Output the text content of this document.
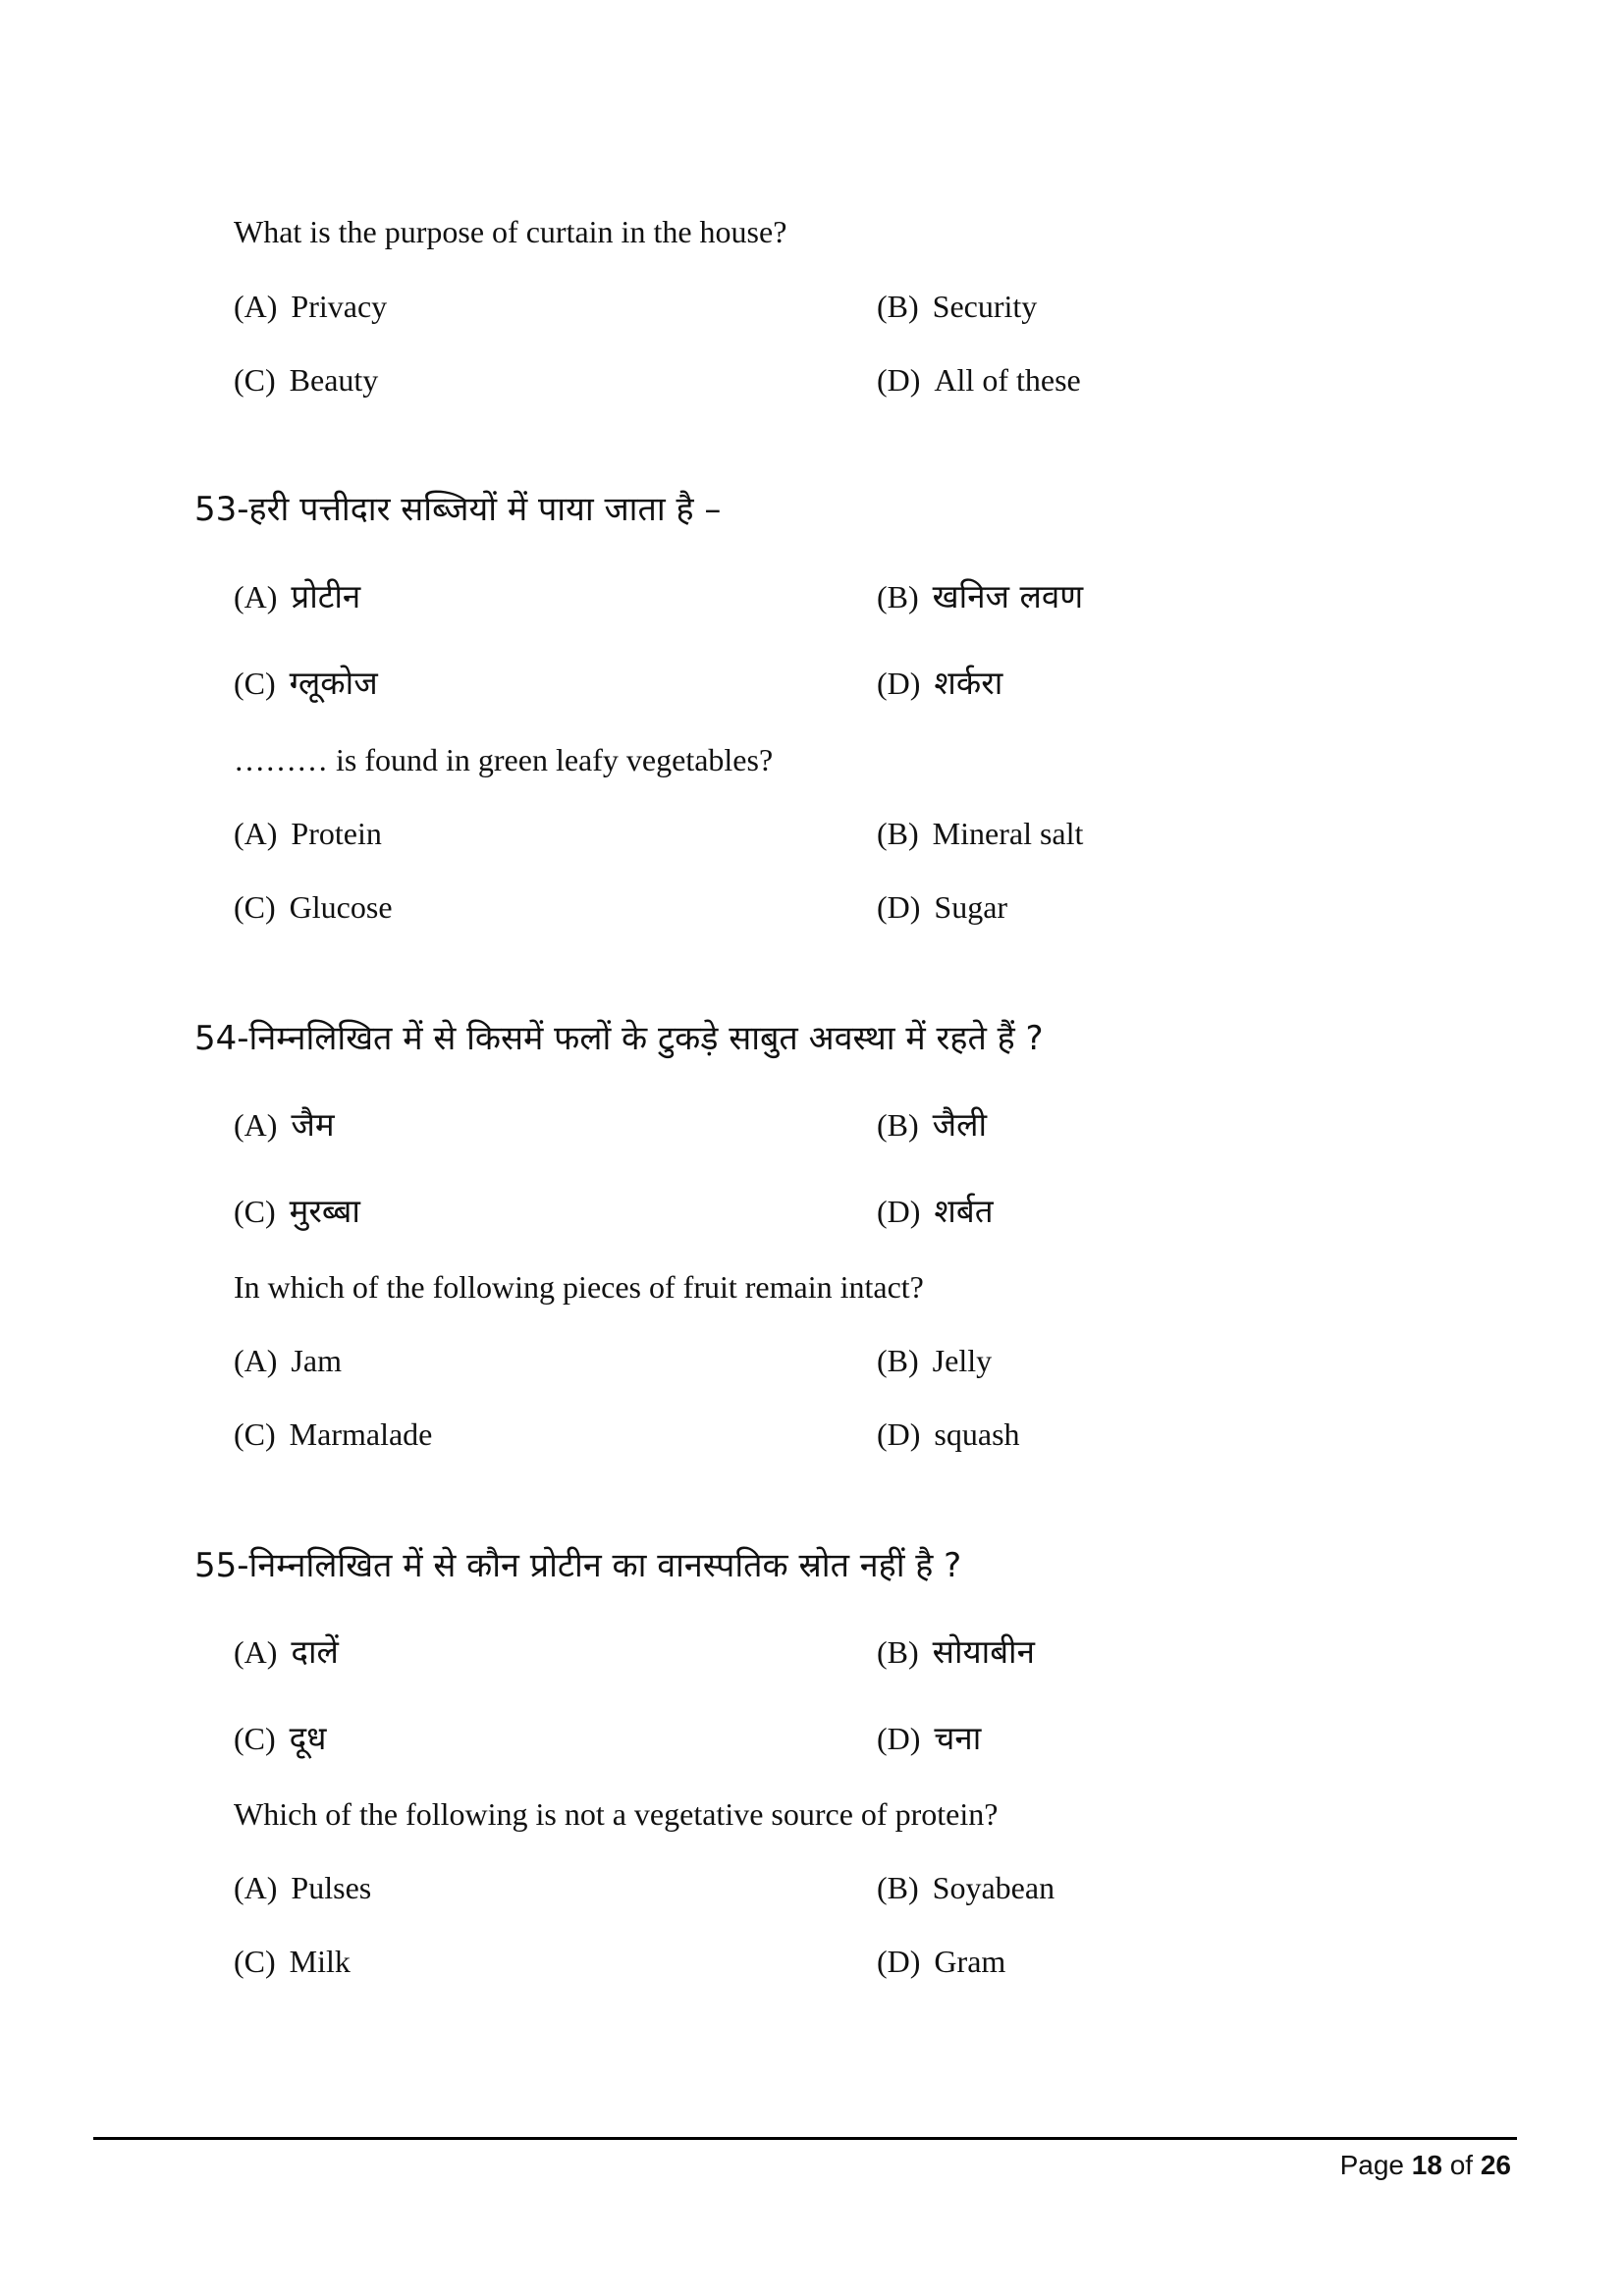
What is the purpose of curtain in the house?
(A) Privacy	(B) Security
(C) Beauty	(D) All of these
53-हरी पत्तीदार सब्जियों में पाया जाता है –
(A) प्रोटीन	(B) खनिज लवण
(C) ग्लूकोज	(D) शर्करा
……… is found in green leafy vegetables?
(A) Protein	(B) Mineral salt
(C) Glucose	(D) Sugar
54-निम्नलिखित में से किसमें फलों के टुकड़े साबुत अवस्था में रहते हैं ?
(A) जैम	(B) जैली
(C) मुरब्बा	(D) शर्बत
In which of the following pieces of fruit remain intact?
(A) Jam	(B) Jelly
(C) Marmalade	(D) squash
55-निम्नलिखित में से कौन प्रोटीन का वानस्पतिक स्रोत नहीं है ?
(A) दालें	(B) सोयाबीन
(C) दूध	(D) चना
Which of the following is not a vegetative source of protein?
(A) Pulses	(B) Soyabean
(C) Milk	(D) Gram
Page 18 of 26
